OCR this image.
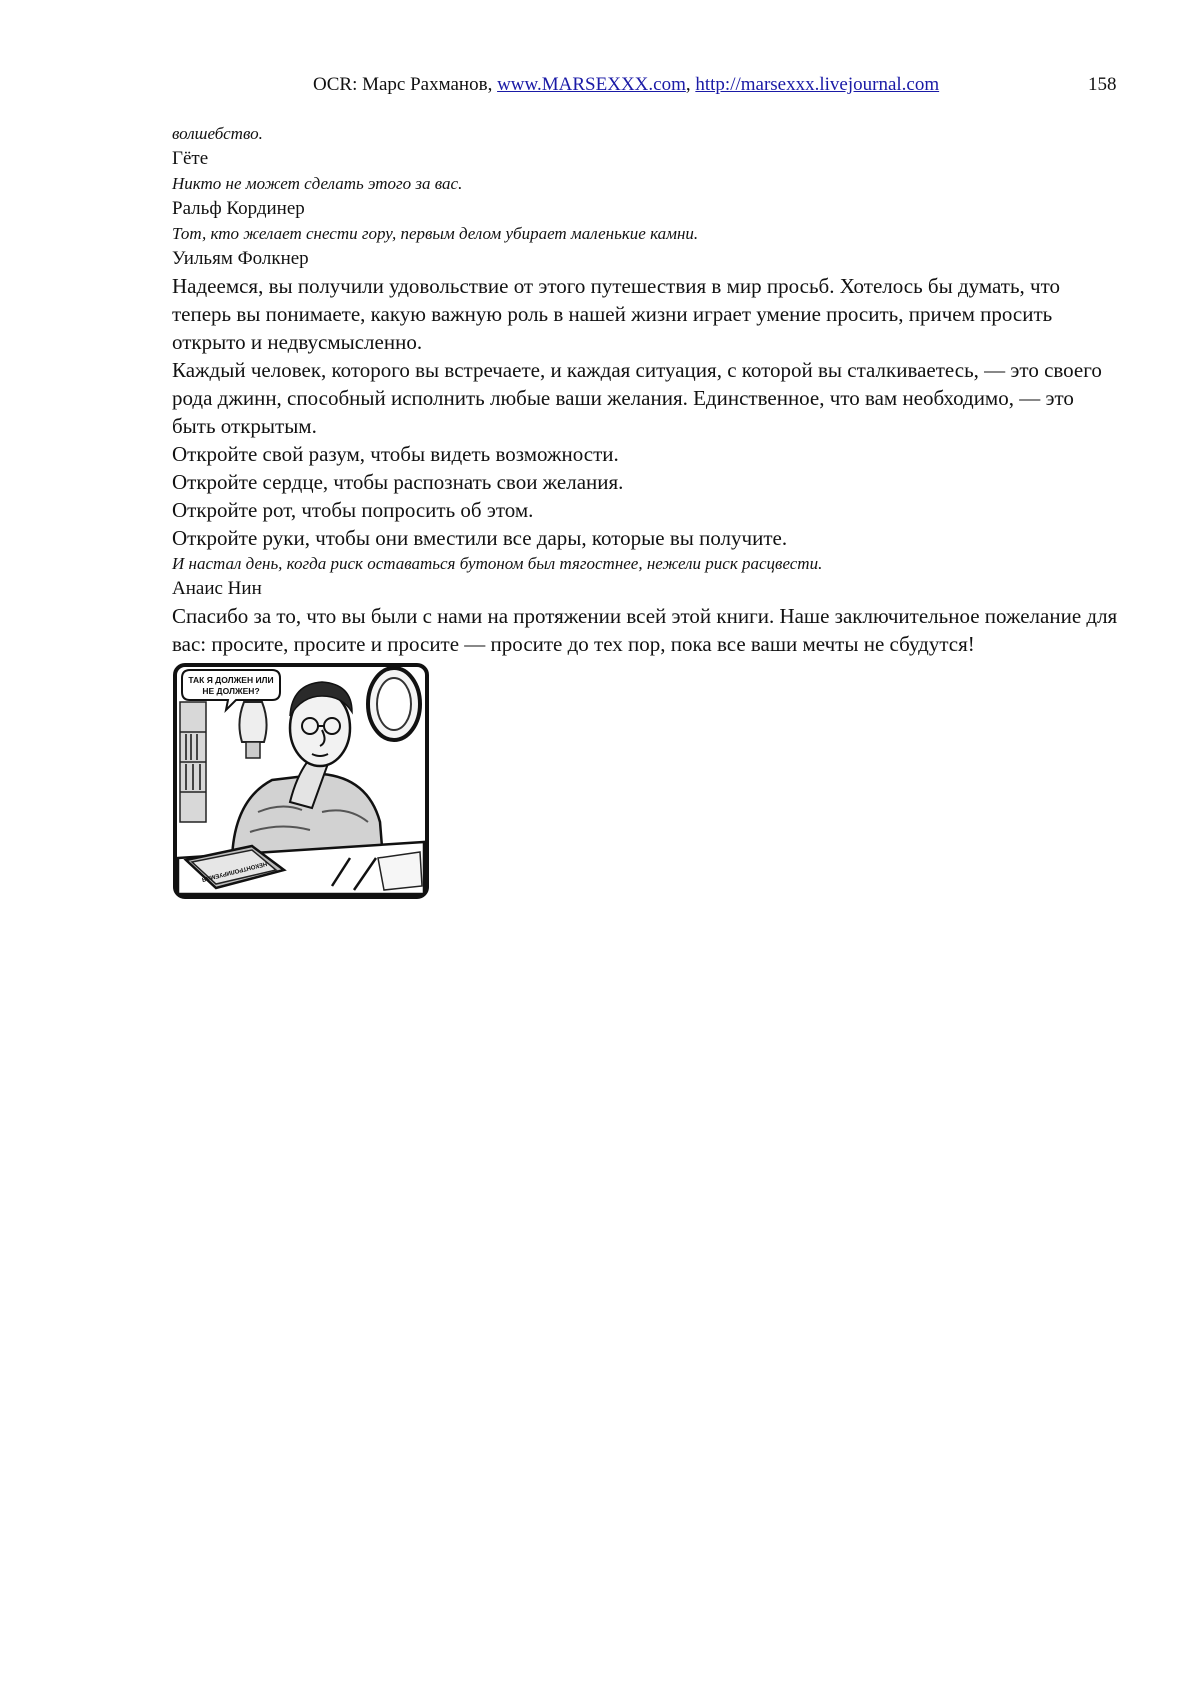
OCR: Марс Рахманов, www.MARSEXXX.com, http://marsexxx.livejournal.com	158

волшебство.

Гёте

Никто не может сделать этого за вас.

Ральф Кординер

Тот, кто желает снести гору, первым делом убирает маленькие камни.

Уильям Фолкнер

Надеемся, вы получили удовольствие от этого путешествия в мир просьб. Хотелось бы думать, что теперь вы понимаете, какую важную роль в нашей жизни играет умение просить, причем просить открыто и недвусмысленно.

Каждый человек, которого вы встречаете, и каждая ситуация, с которой вы сталкиваетесь, — это своего рода джинн, способный исполнить любые ваши желания. Единственное, что вам необходимо, — это быть открытым.

Откройте свой разум, чтобы видеть возможности.

Откройте сердце, чтобы распознать свои желания.

Откройте рот, чтобы попросить об этом.

Откройте руки, чтобы они вместили все дары, которые вы получите.

И настал день, когда риск оставаться бутоном был тягостнее, нежели риск расцвести.

Анаис Нин

Спасибо за то, что вы были с нами на протяжении всей этой книги. Наше заключительное пожелание для вас: просите, просите и просите — просите до тех пор, пока все ваши мечты не сбудутся!

ТАК Я ДОЛЖЕН ИЛИ
НЕ ДОЛЖЕН?
НЕКОНТРОЛИРУЕМАЯ
